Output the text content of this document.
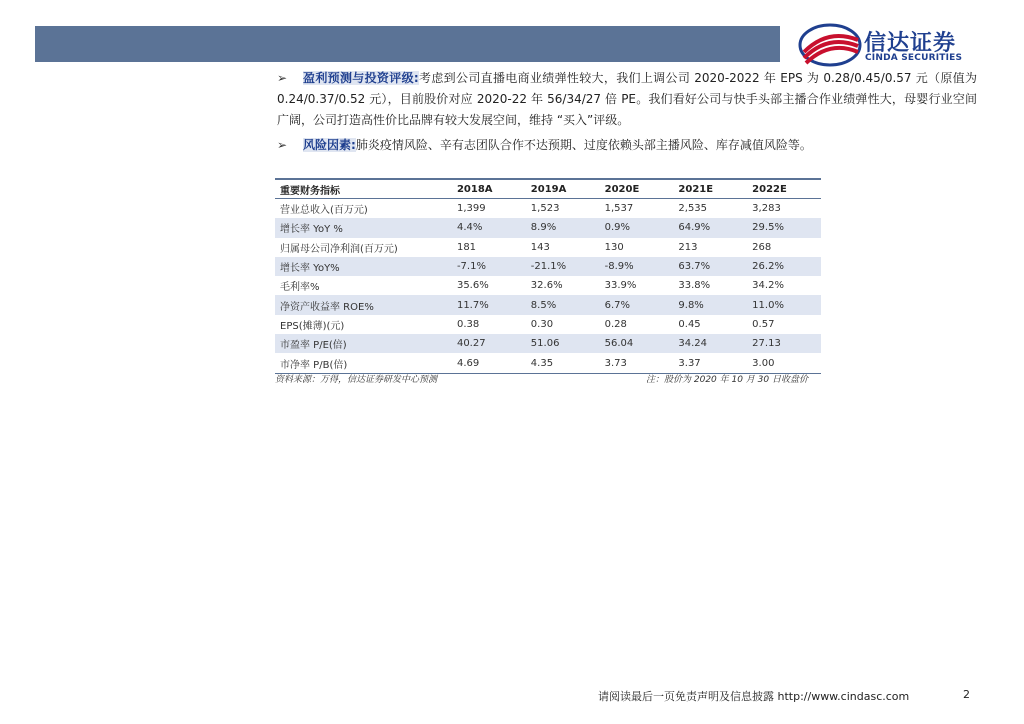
信达证券
CINDA SECURITIES
➢	盈利预测与投资评级:考虑到公司直播电商业绩弹性较大，我们上调公司 2020-2022 年 EPS 为 0.28/0.45/0.57 元（原值为 0.24/0.37/0.52 元），目前股价对应 2020-22 年 56/34/27 倍 PE。我们看好公司与快手头部主播合作业绩弹性大，母婴行业空间广阔，公司打造高性价比品牌有较大发展空间，维持 “买入”评级。
➢ 风险因素:肺炎疫情风险、辛有志团队合作不达预期、过度依赖头部主播风险、库存减值风险等。
重要财务指标	2018A	2019A	2020E	2021E	2022E
营业总收入(百万元)	1,399	1,523	1,537	2,535	3,283
增长率 YoY %	4.4%	8.9%	0.9%	64.9%	29.5%
归属母公司净利润(百万元)	181	143	130	213	268
增长率 YoY%	-7.1%	-21.1%	-8.9%	63.7%	26.2%
毛利率%	35.6%	32.6%	33.9%	33.8%	34.2%
净资产收益率 ROE%	11.7%	8.5%	6.7%	9.8%	11.0%
EPS(摊薄)(元)	0.38	0.30	0.28	0.45	0.57
市盈率 P/E(倍)	40.27	51.06	56.04	34.24	27.13
市净率 P/B(倍)	4.69	4.35	3.73	3.37	3.00
资料来源：万得，信达证券研发中心预测	注：股价为 2020 年 10 月 30 日收盘价
请阅读最后一页免责声明及信息披露 http://www.cindasc.com	2
